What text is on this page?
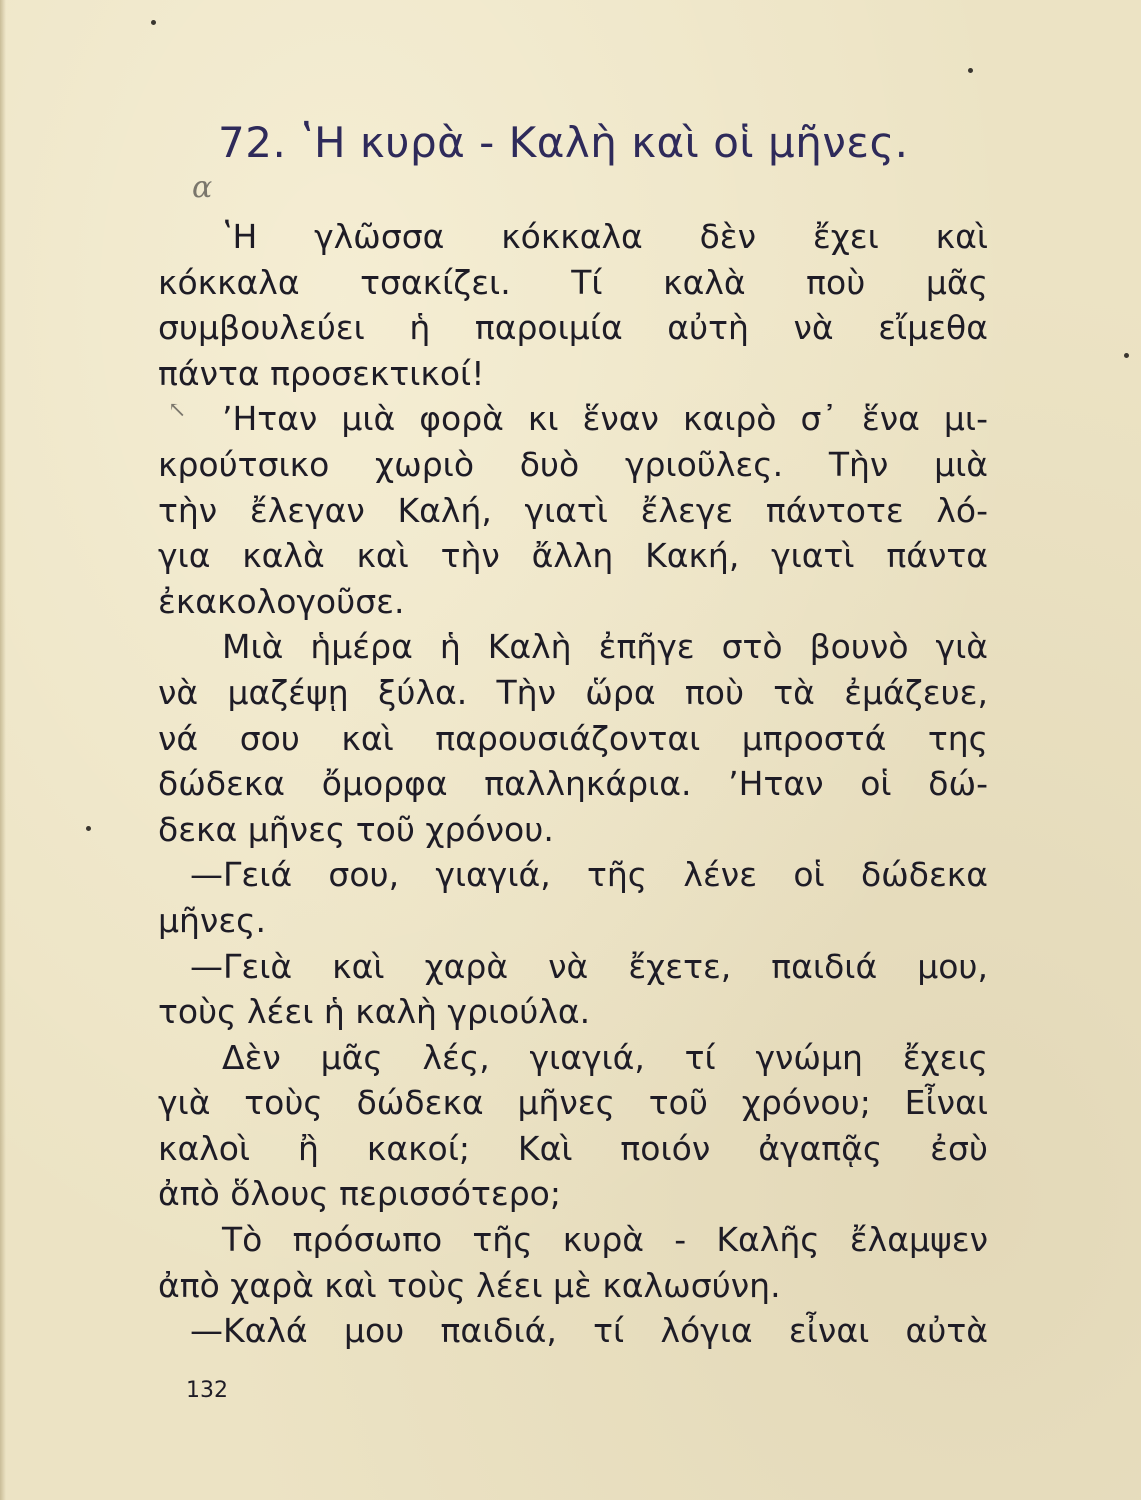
72. ʽΗ κυρὰ - Καλὴ καὶ οἱ μῆνες.
α
↖
ʽΗ γλῶσσα κόκκαλα δὲν ἔχει καὶ
κόκκαλα τσακίζει. Τί καλὰ ποὺ μᾶς
συμβουλεύει ἡ παροιμία αὐτὴ νὰ εἴμεθα
πάντα προσεκτικοί!
ʼΗταν μιὰ φορὰ κι ἕναν καιρὸ σ᾽ ἕνα μι-
κρούτσικο χωριὸ δυὸ γριοῦλες. Τὴν μιὰ
τὴν ἔλεγαν Καλή, γιατὶ ἔλεγε πάντοτε λό-
για καλὰ καὶ τὴν ἄλλη Κακή, γιατὶ πάντα
ἐκακολογοῦσε.
Μιὰ ἡμέρα ἡ Καλὴ ἐπῆγε στὸ βουνὸ γιὰ
νὰ μαζέψῃ ξύλα. Τὴν ὥρα ποὺ τὰ ἐμάζευε,
νά σου καὶ παρουσιάζονται μπροστά της
δώδεκα ὄμορφα παλληκάρια. ʼΗταν οἱ δώ-
δεκα μῆνες τοῦ χρόνου.
—Γειά σου, γιαγιά, τῆς λένε οἱ δώδεκα
μῆνες.
—Γειὰ καὶ χαρὰ νὰ ἔχετε, παιδιά μου,
τοὺς λέει ἡ καλὴ γριούλα.
Δὲν μᾶς λές, γιαγιά, τί γνώμη ἔχεις
γιὰ τοὺς δώδεκα μῆνες τοῦ χρόνου; Εἶναι
καλοὶ ἢ κακοί; Καὶ ποιόν ἀγαπᾷς ἐσὺ
ἀπὸ ὅλους περισσότερο;
Τὸ πρόσωπο τῆς κυρὰ - Καλῆς ἔλαμψεν
ἀπὸ χαρὰ καὶ τοὺς λέει μὲ καλωσύνη.
—Καλά μου παιδιά, τί λόγια εἶναι αὐτὰ
132
